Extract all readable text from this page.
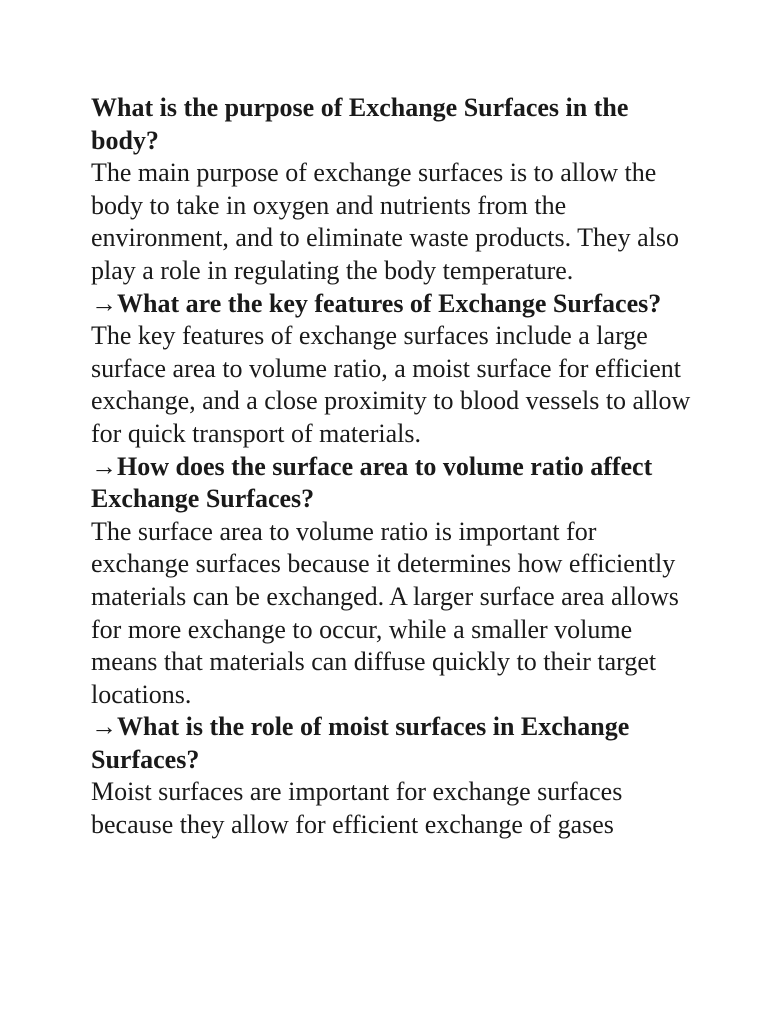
What is the purpose of Exchange Surfaces in the body?

The main purpose of exchange surfaces is to allow the body to take in oxygen and nutrients from the environment, and to eliminate waste products. They also play a role in regulating the body temperature.

→What are the key features of Exchange Surfaces?

The key features of exchange surfaces include a large surface area to volume ratio, a moist surface for efficient exchange, and a close proximity to blood vessels to allow for quick transport of materials.

→How does the surface area to volume ratio affect Exchange Surfaces?

The surface area to volume ratio is important for exchange surfaces because it determines how efficiently materials can be exchanged. A larger surface area allows for more exchange to occur, while a smaller volume means that materials can diffuse quickly to their target locations.

→What is the role of moist surfaces in Exchange Surfaces?

Moist surfaces are important for exchange surfaces because they allow for efficient exchange of gases
